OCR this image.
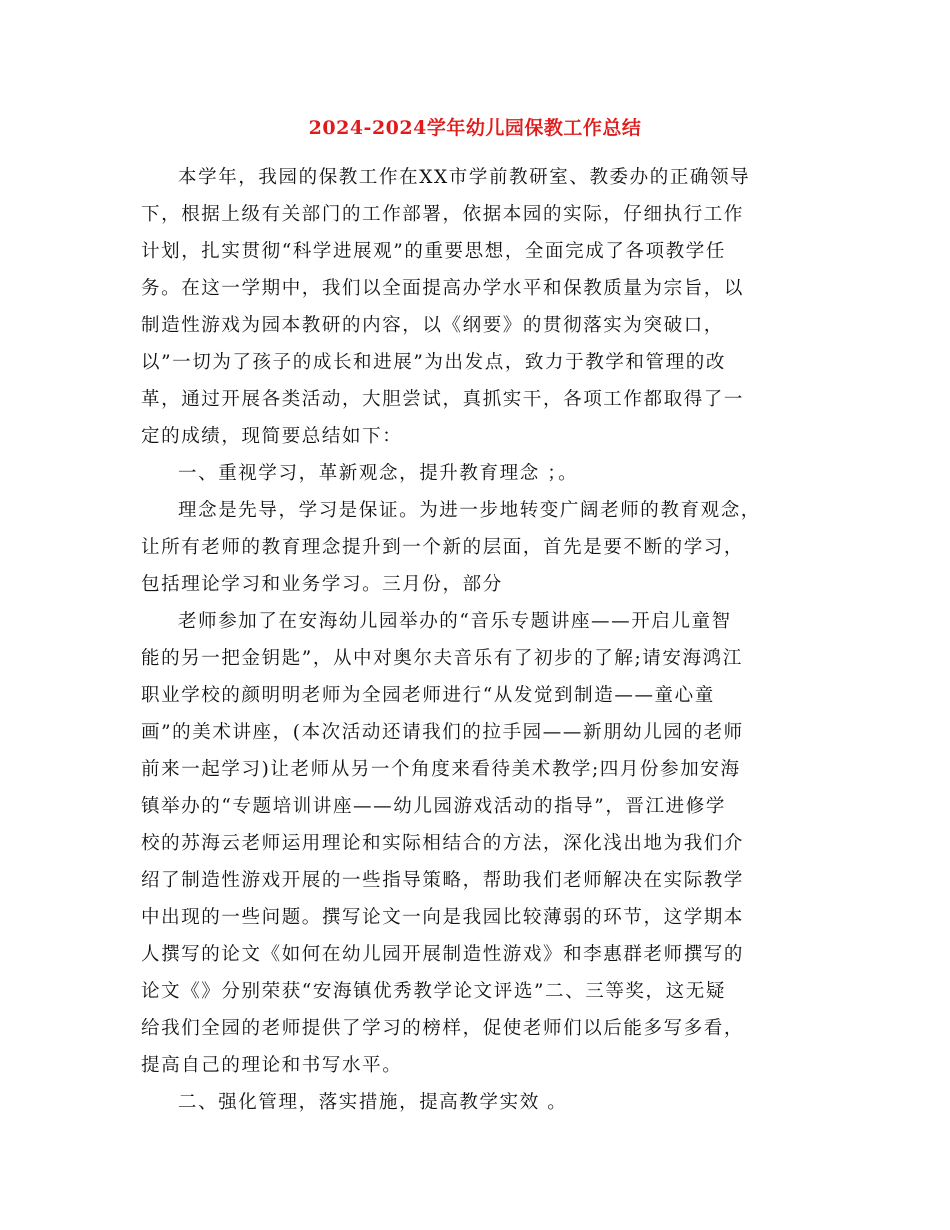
2024-2024学年幼儿园保教工作总结

本学年，我园的保教工作在XX市学前教研室、教委办的正确领导
下，根据上级有关部门的工作部署，依据本园的实际，仔细执行工作
计划，扎实贯彻“科学进展观”的重要思想，全面完成了各项教学任
务。在这一学期中，我们以全面提高办学水平和保教质量为宗旨，以
制造性游戏为园本教研的内容，以《纲要》的贯彻落实为突破口，
以”一切为了孩子的成长和进展”为出发点，致力于教学和管理的改
革，通过开展各类活动，大胆尝试，真抓实干，各项工作都取得了一
定的成绩，现简要总结如下：

一、重视学习，革新观念，提升教育理念 ；。

理念是先导，学习是保证。为进一步地转变广阔老师的教育观念，
让所有老师的教育理念提升到一个新的层面，首先是要不断的学习，
包括理论学习和业务学习。三月份，部分

老师参加了在安海幼儿园举办的“音乐专题讲座——开启儿童智
能的另一把金钥匙”，从中对奥尔夫音乐有了初步的了解;请安海鸿江
职业学校的颜明明老师为全园老师进行“从发觉到制造——童心童
画”的美术讲座，(本次活动还请我们的拉手园——新朋幼儿园的老师
前来一起学习)让老师从另一个角度来看待美术教学;四月份参加安海
镇举办的“专题培训讲座——幼儿园游戏活动的指导”，晋江进修学
校的苏海云老师运用理论和实际相结合的方法，深化浅出地为我们介
绍了制造性游戏开展的一些指导策略，帮助我们老师解决在实际教学
中出现的一些问题。撰写论文一向是我园比较薄弱的环节，这学期本
人撰写的论文《如何在幼儿园开展制造性游戏》和李惠群老师撰写的
论文《》分别荣获“安海镇优秀教学论文评选”二、三等奖，这无疑
给我们全园的老师提供了学习的榜样，促使老师们以后能多写多看，
提高自己的理论和书写水平。

二、强化管理，落实措施，提高教学实效 。
